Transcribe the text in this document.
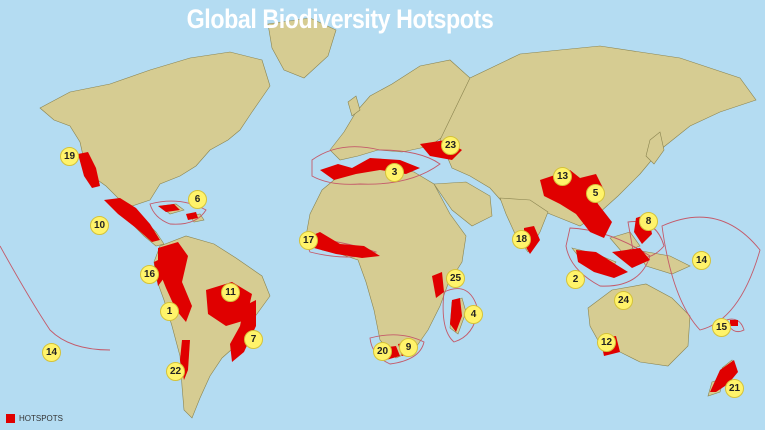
Global Biodiversity Hotspots
19
6
10
16
1
11
7
22
14
3
23
17
25
4
20	9
13
5
18
8
2
24
14
15
12
21
HOTSPOTS
